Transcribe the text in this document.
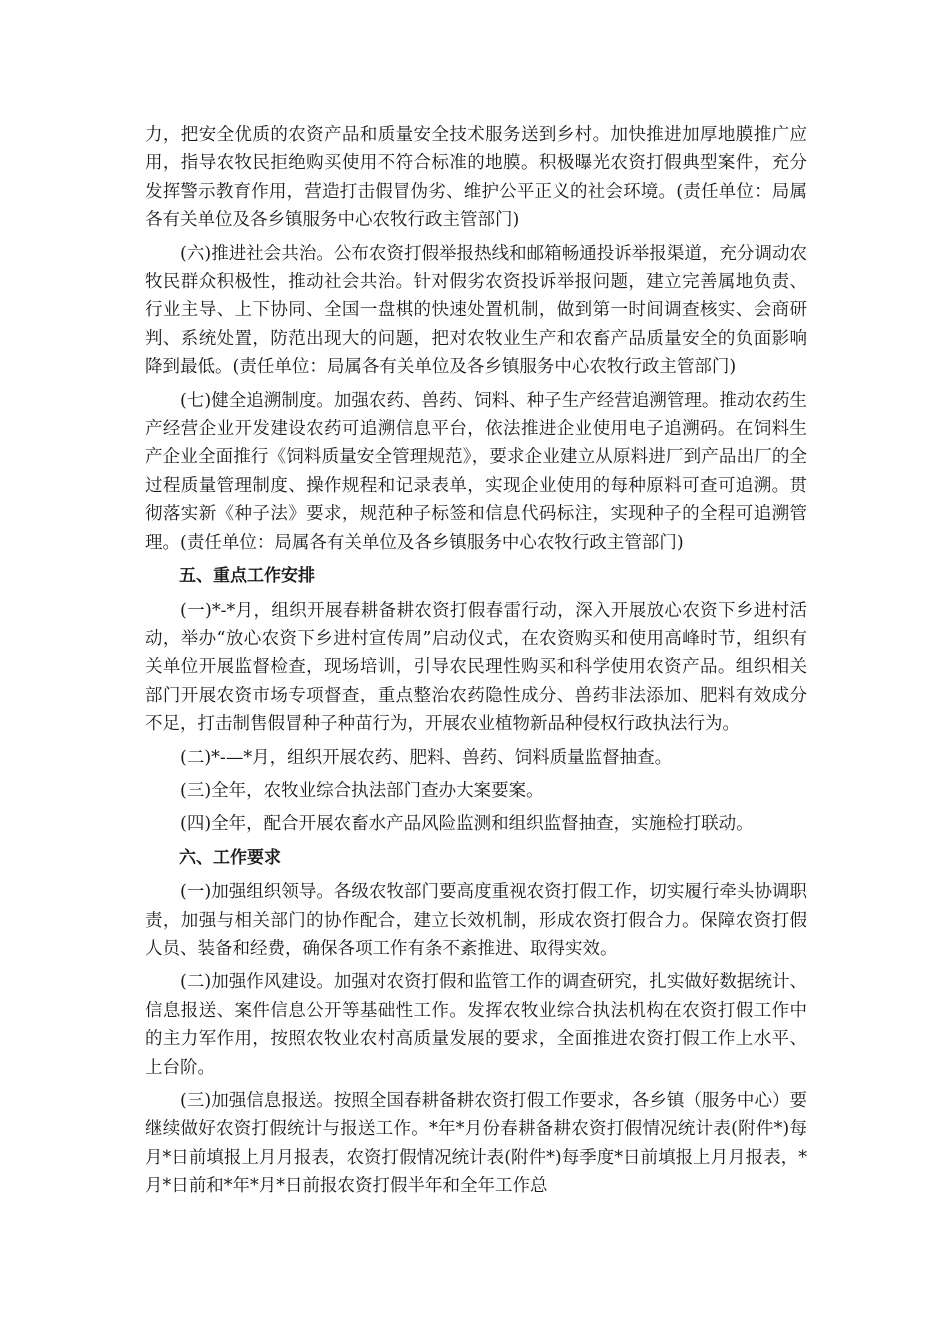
力，把安全优质的农资产品和质量安全技术服务送到乡村。加快推进加厚地膜推广应用，指导农牧民拒绝购买使用不符合标准的地膜。积极曝光农资打假典型案件，充分发挥警示教育作用，营造打击假冒伪劣、维护公平正义的社会环境。(责任单位：局属各有关单位及各乡镇服务中心农牧行政主管部门)

(六)推进社会共治。公布农资打假举报热线和邮箱畅通投诉举报渠道，充分调动农牧民群众积极性，推动社会共治。针对假劣农资投诉举报问题，建立完善属地负责、行业主导、上下协同、全国一盘棋的快速处置机制，做到第一时间调查核实、会商研判、系统处置，防范出现大的问题，把对农牧业生产和农畜产品质量安全的负面影响降到最低。(责任单位：局属各有关单位及各乡镇服务中心农牧行政主管部门)

(七)健全追溯制度。加强农药、兽药、饲料、种子生产经营追溯管理。推动农药生产经营企业开发建设农药可追溯信息平台，依法推进企业使用电子追溯码。在饲料生产企业全面推行《饲料质量安全管理规范》，要求企业建立从原料进厂到产品出厂的全过程质量管理制度、操作规程和记录表单，实现企业使用的每种原料可查可追溯。贯彻落实新《种子法》要求，规范种子标签和信息代码标注，实现种子的全程可追溯管理。(责任单位：局属各有关单位及各乡镇服务中心农牧行政主管部门)

五、重点工作安排

(一)*-*月，组织开展春耕备耕农资打假春雷行动，深入开展放心农资下乡进村活动，举办“放心农资下乡进村宣传周”启动仪式，在农资购买和使用高峰时节，组织有关单位开展监督检查，现场培训，引导农民理性购买和科学使用农资产品。组织相关部门开展农资市场专项督查，重点整治农药隐性成分、兽药非法添加、肥料有效成分不足，打击制售假冒种子种苗行为，开展农业植物新品种侵权行政执法行为。

(二)*-—*月，组织开展农药、肥料、兽药、饲料质量监督抽查。

(三)全年，农牧业综合执法部门查办大案要案。

(四)全年，配合开展农畜水产品风险监测和组织监督抽查，实施检打联动。

六、工作要求

(一)加强组织领导。各级农牧部门要高度重视农资打假工作，切实履行牵头协调职责，加强与相关部门的协作配合，建立长效机制，形成农资打假合力。保障农资打假人员、装备和经费，确保各项工作有条不紊推进、取得实效。

(二)加强作风建设。加强对农资打假和监管工作的调查研究，扎实做好数据统计、信息报送、案件信息公开等基础性工作。发挥农牧业综合执法机构在农资打假工作中的主力军作用，按照农牧业农村高质量发展的要求，全面推进农资打假工作上水平、上台阶。

(三)加强信息报送。按照全国春耕备耕农资打假工作要求，各乡镇（服务中心）要继续做好农资打假统计与报送工作。*年*月份春耕备耕农资打假情况统计表(附件*)每月*日前填报上月月报表，农资打假情况统计表(附件*)每季度*日前填报上月月报表，*月*日前和*年*月*日前报农资打假半年和全年工作总
